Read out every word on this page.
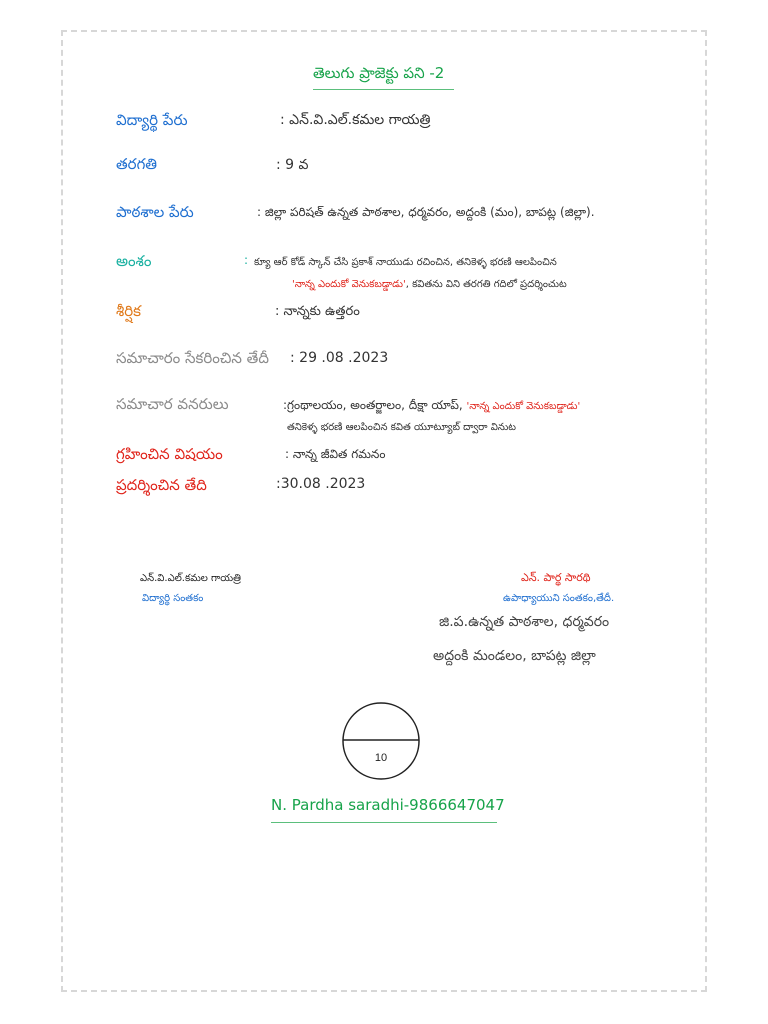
తెలుగు ప్రాజెక్టు పని -2
విద్యార్థి పేరు	: ఎన్.వి.ఎల్.కమల గాయత్రి
తరగతి	: 9 వ
పాఠశాల పేరు	: జిల్లా పరిషత్ ఉన్నత పాఠశాల, ధర్మవరం, అద్దంకి (మం), బాపట్ల (జిల్లా).
అంశం	: క్యూ ఆర్ కోడ్ స్కాన్ చేసి ప్రకాశ్ నాయుడు రచించిన, తనికెళ్ళ భరణి ఆలపించిన
'నాన్న ఎందుకో వెనుకబడ్డాడు', కవితను విని తరగతి గదిలో ప్రదర్శించుట
శీర్షిక	: నాన్నకు ఉత్తరం
సమాచారం సేకరించిన తేదీ : 29 .08 .2023
సమాచార వనరులు	:గ్రంథాలయం, అంతర్జాలం, దీక్షా యాప్, 'నాన్న ఎందుకో వెనుకబడ్డాడు'
తనికెళ్ళ భరణి ఆలపించిన కవిత యూట్యూబ్ ద్వారా వినుట
గ్రహించిన విషయం	: నాన్న జీవిత గమనం
ప్రదర్శించిన తేది	:30.08 .2023
ఎన్.వి.ఎల్.కమల గాయత్రి
విద్యార్థి సంతకం
ఎన్. పార్థ సారథి
ఉపాధ్యాయుని సంతకం,తేదీ.
జి.ప.ఉన్నత పాఠశాల, ధర్మవరం
అద్దంకి మండలం, బాపట్ల జిల్లా
10
N. Pardha saradhi-9866647047
